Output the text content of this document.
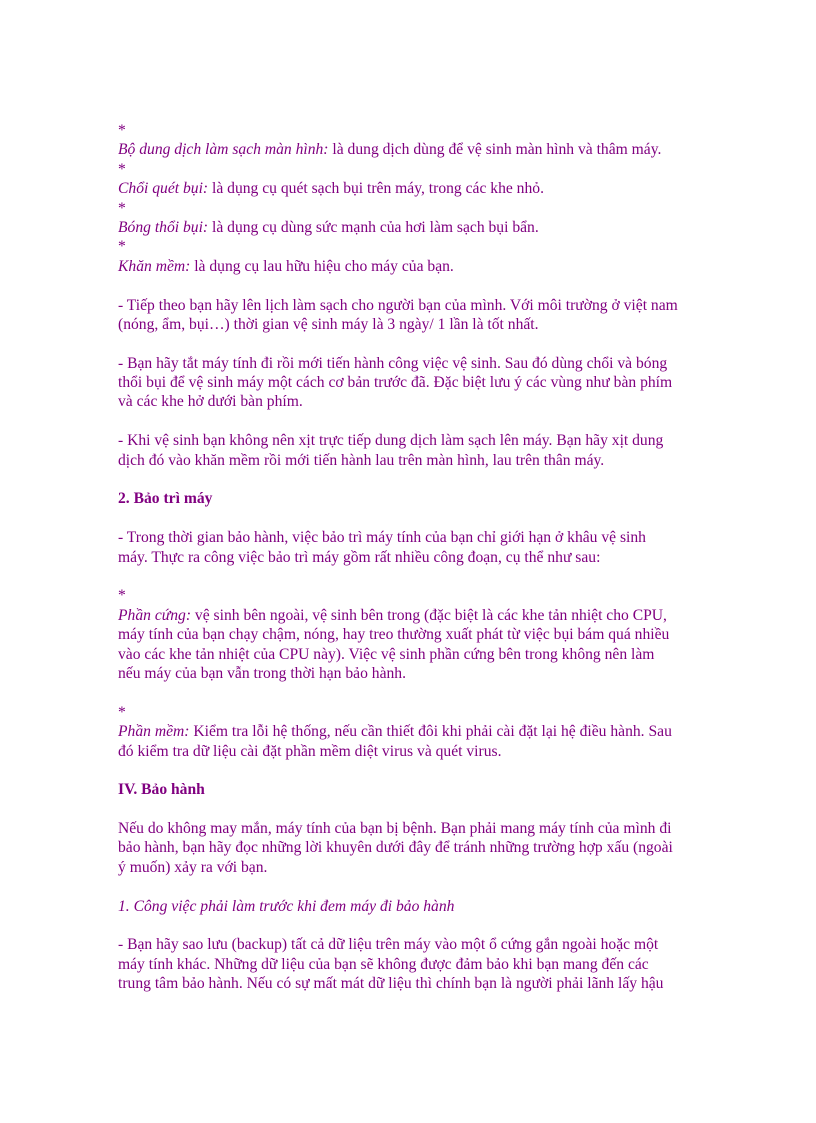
*
Bộ dung dịch làm sạch màn hình: là dung dịch dùng để vệ sinh màn hình và thâm máy.
*
Chổi quét bụi: là dụng cụ quét sạch bụi trên máy, trong các khe nhỏ.
*
Bóng thổi bụi: là dụng cụ dùng sức mạnh của hơi làm sạch bụi bẩn.
*
Khăn mềm: là dụng cụ lau hữu hiệu cho máy của bạn.
- Tiếp theo bạn hãy lên lịch làm sạch cho người bạn của mình. Với môi trường ở việt nam
(nóng, ẩm, bụi…) thời gian vệ sinh máy là 3 ngày/ 1 lần là tốt nhất.
- Bạn hãy tắt máy tính đi rồi mới tiến hành công việc vệ sinh. Sau đó dùng chổi và bóng
thổi bụi để vệ sinh máy một cách cơ bản trước đã. Đặc biệt lưu ý các vùng như bàn phím
và các khe hở dưới bàn phím.
- Khi vệ sinh bạn không nên xịt trực tiếp dung dịch làm sạch lên máy. Bạn hãy xịt dung
dịch đó vào khăn mềm rồi mới tiến hành lau trên màn hình, lau trên thân máy.
2. Bảo trì máy
- Trong thời gian bảo hành, việc bảo trì máy tính của bạn chỉ giới hạn ở khâu vệ sinh
máy. Thực ra công việc bảo trì máy gồm rất nhiều công đoạn, cụ thể như sau:
*
Phần cứng: vệ sinh bên ngoài, vệ sinh bên trong (đặc biệt là các khe tản nhiệt cho CPU,
máy tính của bạn chạy chậm, nóng, hay treo thường xuất phát từ việc bụi bám quá nhiều
vào các khe tản nhiệt của CPU này). Việc vệ sinh phần cứng bên trong không nên làm
nếu máy của bạn vẫn trong thời hạn bảo hành.
*
Phần mềm: Kiểm tra lỗi hệ thống, nếu cần thiết đôi khi phải cài đặt lại hệ điều hành. Sau
đó kiểm tra dữ liệu cài đặt phần mềm diệt virus và quét virus.
IV. Bảo hành
Nếu do không may mắn, máy tính của bạn bị bệnh. Bạn phải mang máy tính của mình đi
bảo hành, bạn hãy đọc những lời khuyên dưới đây để tránh những trường hợp xấu (ngoài
ý muốn) xảy ra với bạn.
1. Công việc phải làm trước khi đem máy đi bảo hành
- Bạn hãy sao lưu (backup) tất cả dữ liệu trên máy vào một ổ cứng gắn ngoài hoặc một
máy tính khác. Những dữ liệu của bạn sẽ không được đảm bảo khi bạn mang đến các
trung tâm bảo hành. Nếu có sự mất mát dữ liệu thì chính bạn là người phải lãnh lấy hậu
